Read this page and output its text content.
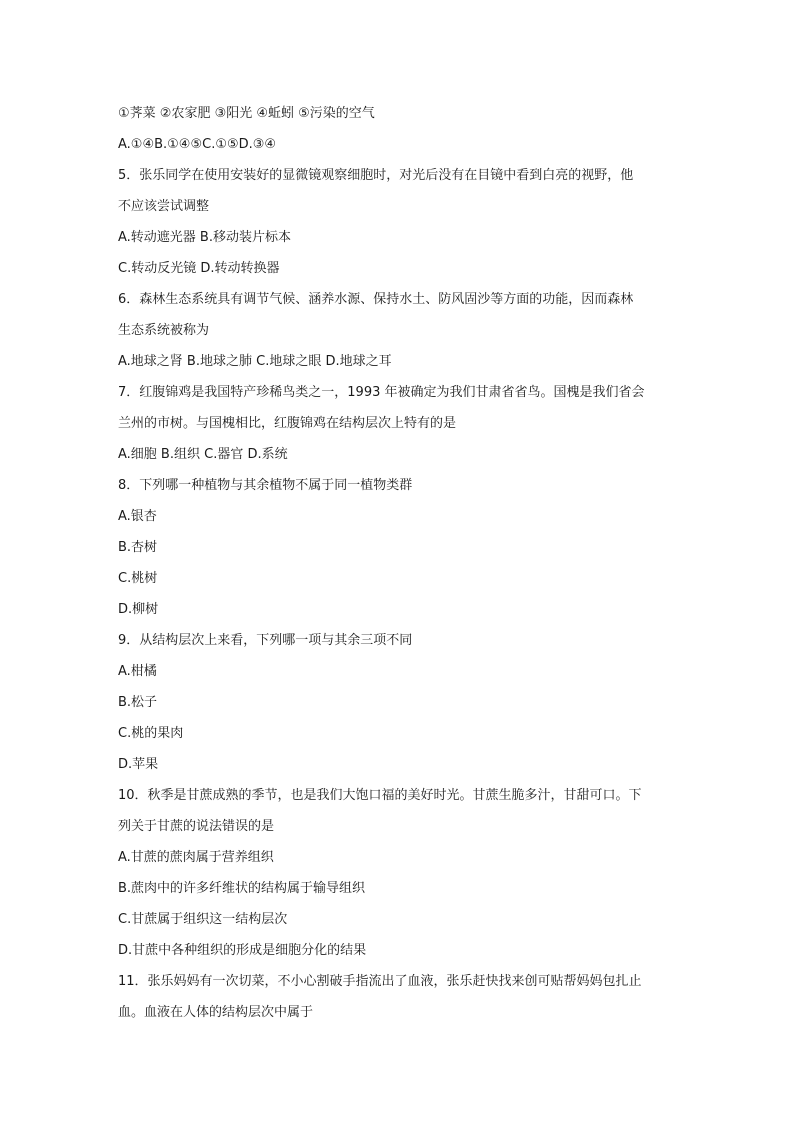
①荠菜 ②农家肥 ③阳光 ④蚯蚓 ⑤污染的空气
A.①④B.①④⑤C.①⑤D.③④
5．张乐同学在使用安装好的显微镜观察细胞时，对光后没有在目镜中看到白亮的视野，他
不应该尝试调整
A.转动遮光器 B.移动装片标本
C.转动反光镜 D.转动转换器
6．森林生态系统具有调节气候、涵养水源、保持水土、防风固沙等方面的功能，因而森林
生态系统被称为
A.地球之肾 B.地球之肺 C.地球之眼 D.地球之耳
7．红腹锦鸡是我国特产珍稀鸟类之一，1993 年被确定为我们甘肃省省鸟。国槐是我们省会
兰州的市树。与国槐相比，红腹锦鸡在结构层次上特有的是
A.细胞 B.组织 C.器官 D.系统
8．下列哪一种植物与其余植物不属于同一植物类群
A.银杏
B.杏树
C.桃树
D.柳树
9．从结构层次上来看，下列哪一项与其余三项不同
A.柑橘
B.松子
C.桃的果肉
D.苹果
10．秋季是甘蔗成熟的季节，也是我们大饱口福的美好时光。甘蔗生脆多汁，甘甜可口。下
列关于甘蔗的说法错误的是
A.甘蔗的蔗肉属于营养组织
B.蔗肉中的许多纤维状的结构属于输导组织
C.甘蔗属于组织这一结构层次
D.甘蔗中各种组织的形成是细胞分化的结果
11．张乐妈妈有一次切菜，不小心割破手指流出了血液，张乐赶快找来创可贴帮妈妈包扎止
血。血液在人体的结构层次中属于
